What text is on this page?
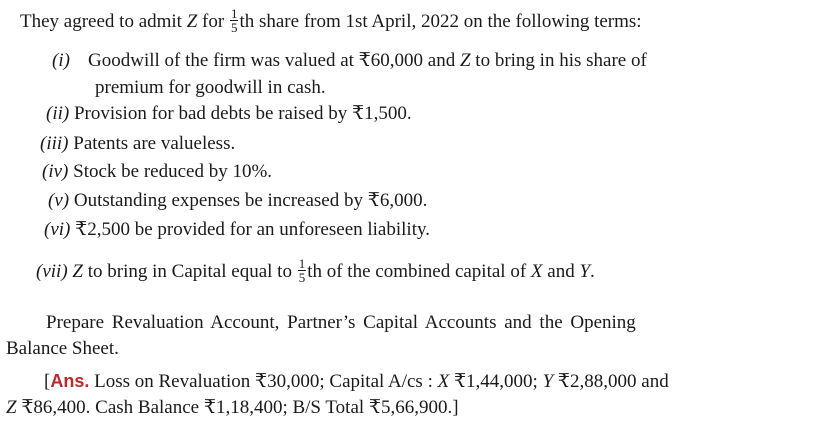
They agreed to admit Z for $\frac{1}{5}$ th share from 1st April, 2022 on the following terms:
(i) Goodwill of the firm was valued at ₹60,000 and Z to bring in his share of
premium for goodwill in cash.
(ii) Provision for bad debts be raised by ₹1,500.
(iii) Patents are valueless.
(iv) Stock be reduced by 10%.
(v) Outstanding expenses be increased by ₹6,000.
(vi) ₹2,500 be provided for an unforeseen liability.
(vii) Z to bring in Capital equal to $\frac{1}{5}$ th of the combined capital of X and Y.
Prepare Revaluation Account, Partner’s Capital Accounts and the Opening
Balance Sheet.
[Ans. Loss on Revaluation ₹30,000; Capital A/cs : X ₹1,44,000; Y ₹2,88,000 and
Z ₹86,400. Cash Balance ₹1,18,400; B/S Total ₹5,66,900.]
